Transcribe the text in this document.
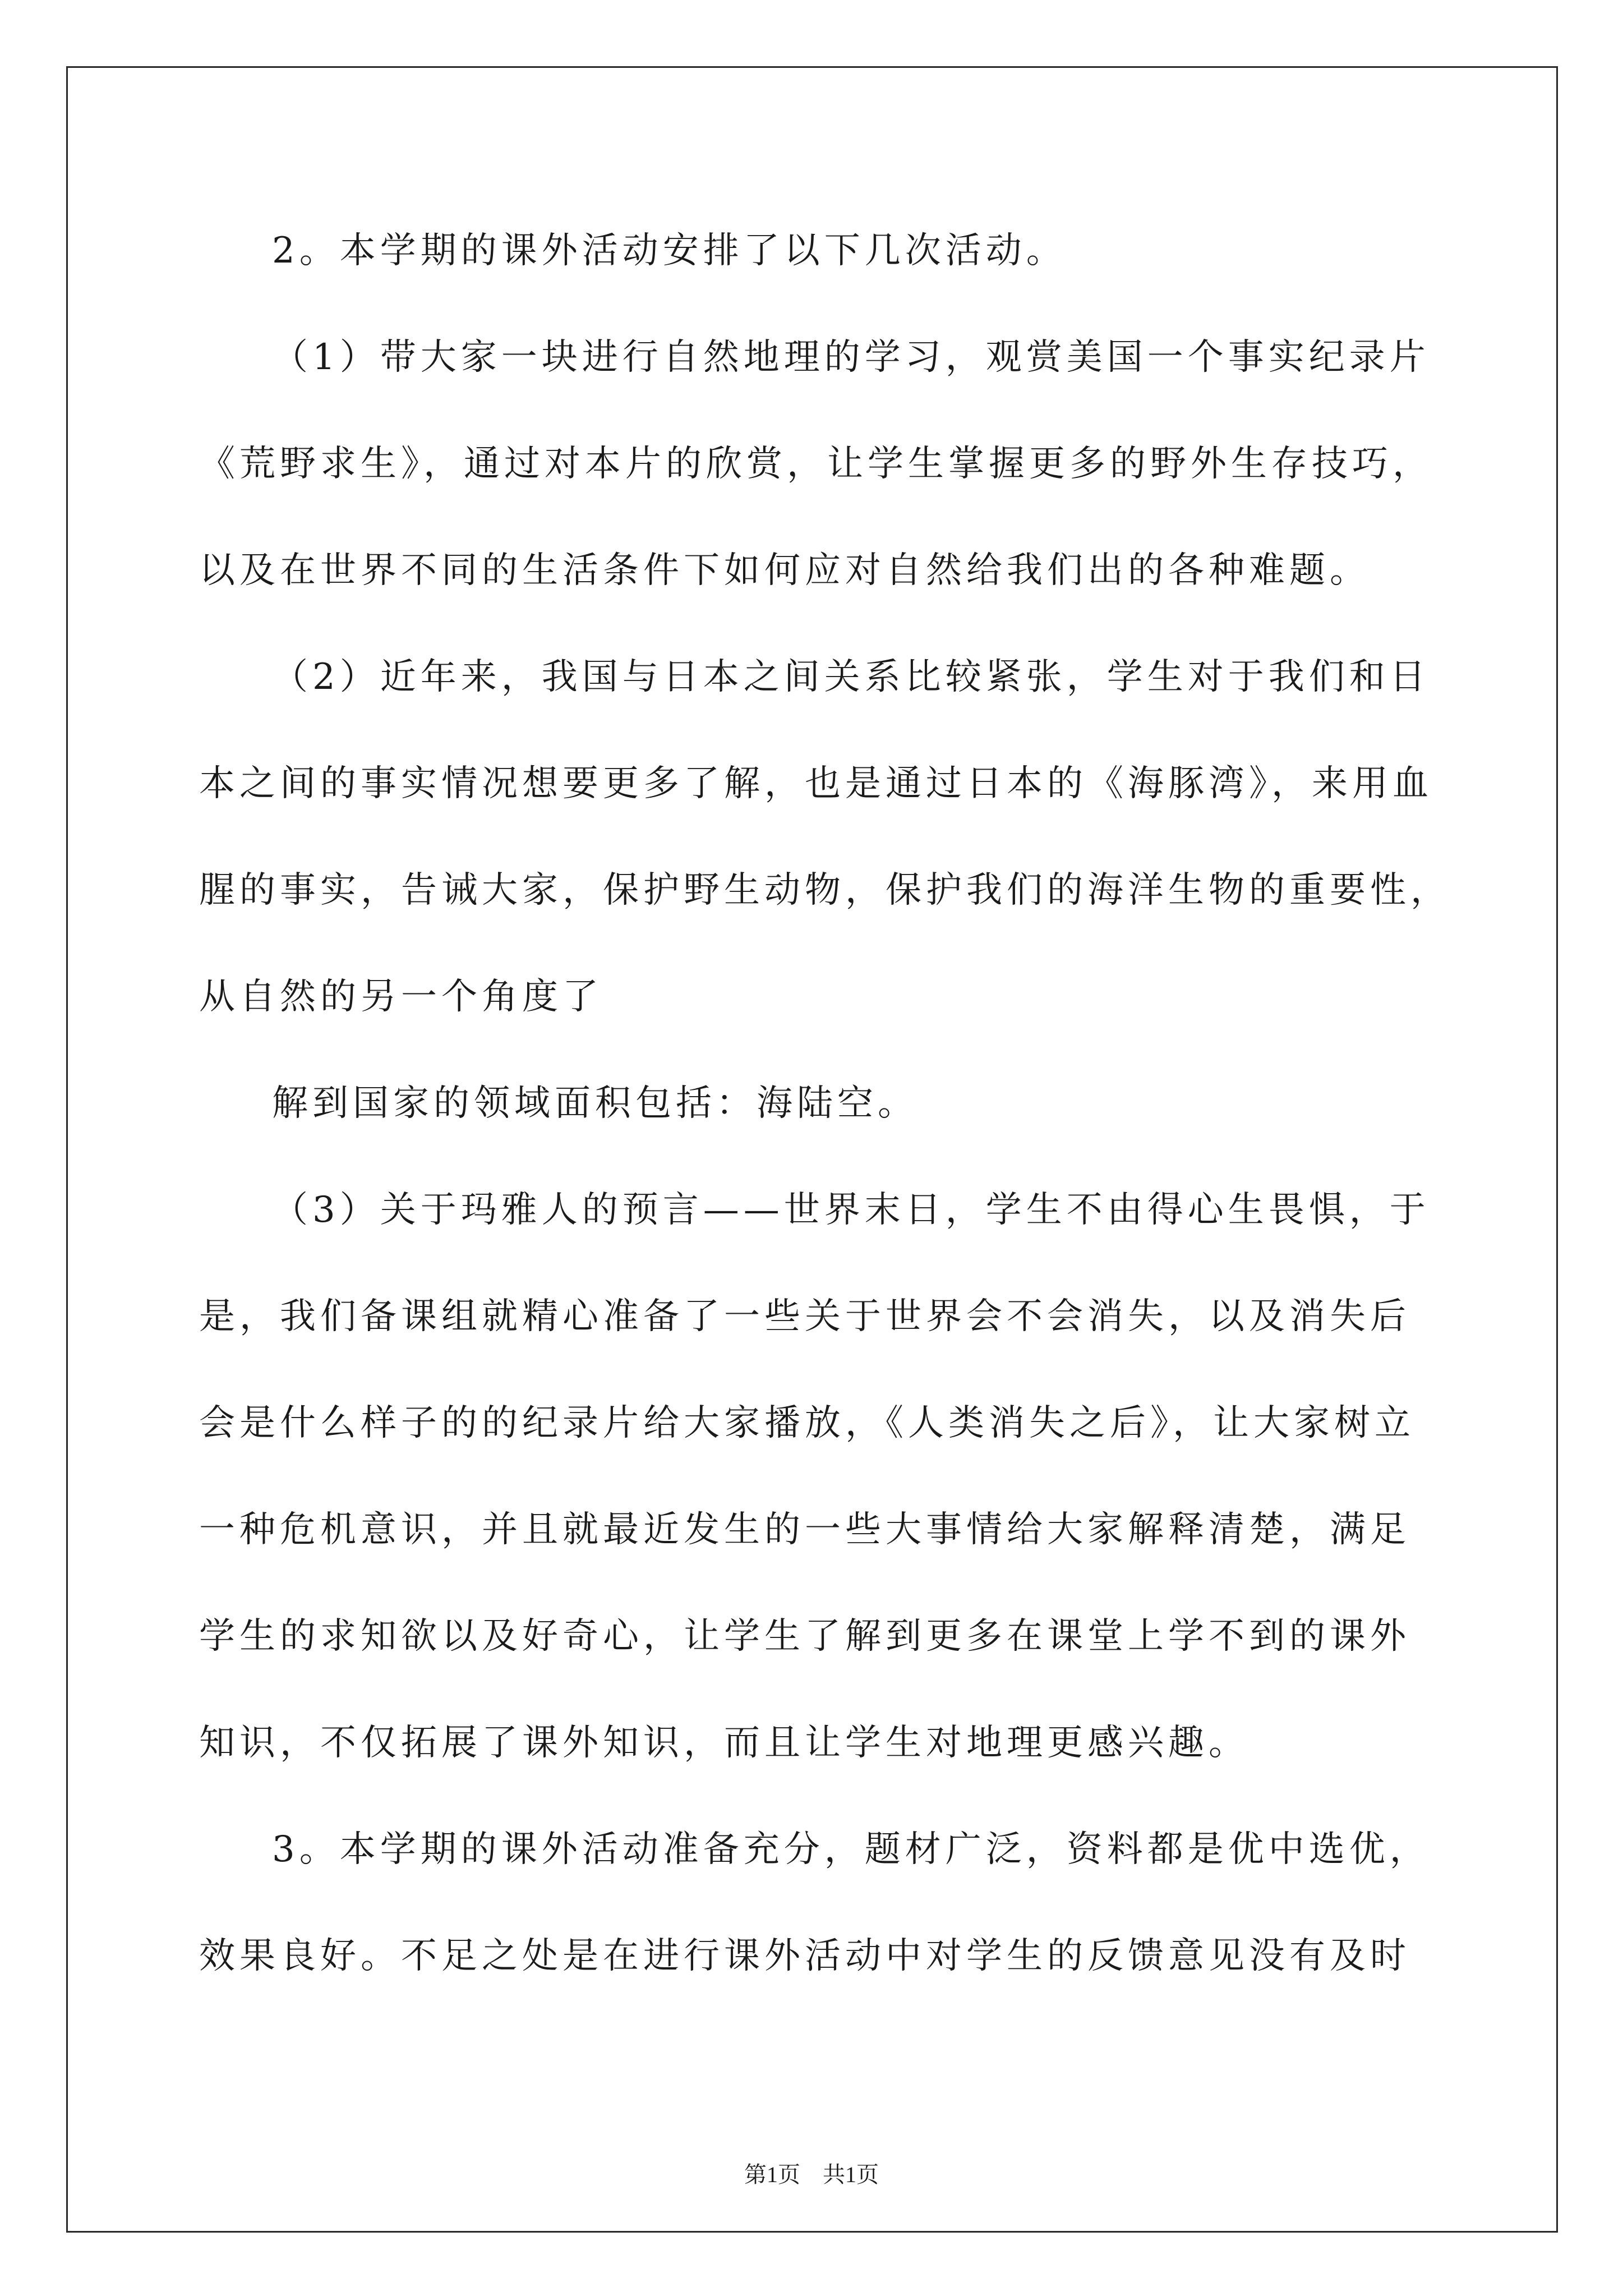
2。本学期的课外活动安排了以下几次活动。
（1）带大家一块进行自然地理的学习，观赏美国一个事实纪录片
《荒野求生》，通过对本片的欣赏，让学生掌握更多的野外生存技巧，
以及在世界不同的生活条件下如何应对自然给我们出的各种难题。
（2）近年来，我国与日本之间关系比较紧张，学生对于我们和日
本之间的事实情况想要更多了解，也是通过日本的《海豚湾》，来用血
腥的事实，告诫大家，保护野生动物，保护我们的海洋生物的重要性，
从自然的另一个角度了
解到国家的领域面积包括：海陆空。
（3）关于玛雅人的预言——世界末日，学生不由得心生畏惧，于
是，我们备课组就精心准备了一些关于世界会不会消失，以及消失后
会是什么样子的的纪录片给大家播放，《人类消失之后》，让大家树立
一种危机意识，并且就最近发生的一些大事情给大家解释清楚，满足
学生的求知欲以及好奇心，让学生了解到更多在课堂上学不到的课外
知识，不仅拓展了课外知识，而且让学生对地理更感兴趣。
3。本学期的课外活动准备充分，题材广泛，资料都是优中选优，
效果良好。不足之处是在进行课外活动中对学生的反馈意见没有及时
第1页　共1页
